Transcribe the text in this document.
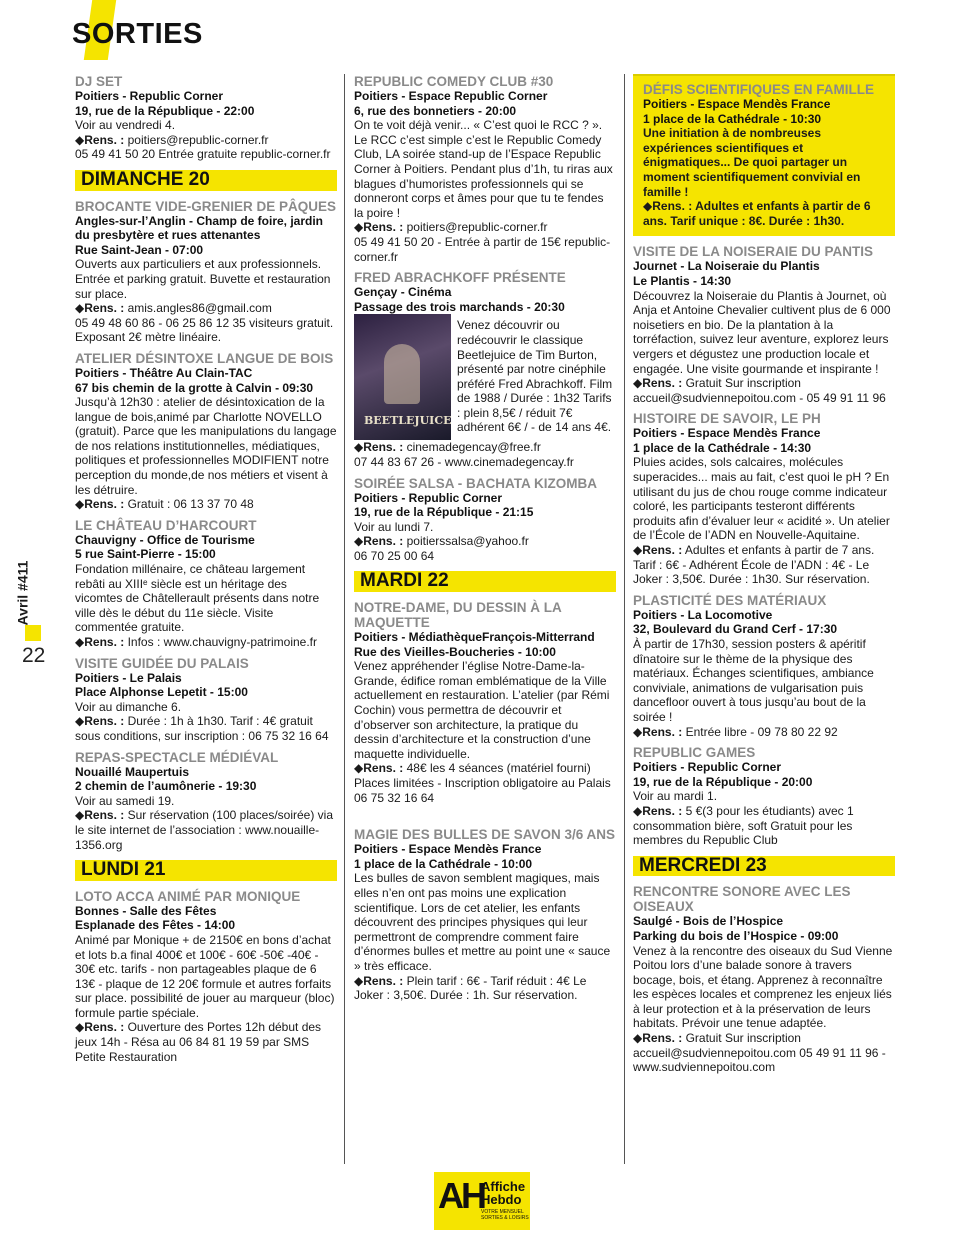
SORTIES
Avril #411
22
DJ SET

Poitiers - Republic Corner

19, rue de la République - 22:00

Voir au vendredi 4.

◆Rens. : poitiers@republic-corner.fr

05 49 41 50 20 Entrée gratuite republic-corner.fr

DIMANCHE 20
BROCANTE VIDE-GRENIER DE PÂQUES

Angles-sur-l’Anglin - Champ de foire, jardin du presbytère et rues attenantes

Rue Saint-Jean - 07:00

Ouverts aux particuliers et aux professionnels. Entrée et parking gratuit. Buvette et restauration sur place.

◆Rens. : amis.angles86@gmail.com

05 49 48 60 86 - 06 25 86 12 35 visiteurs gratuit. Exposant 2€ mètre linéaire.

ATELIER DÉSINTOXE LANGUE DE BOIS

Poitiers - Théâtre Au Clain-TAC

67 bis chemin de la grotte à Calvin - 09:30

Jusqu’à 12h30 : atelier de désintoxication de la langue de bois,animé par Charlotte NOVELLO (gratuit). Parce que les manipulations du langage de nos relations institutionnelles, médiatiques, politiques et professionnelles MODIFIENT notre perception du monde,de nos métiers et visent à les détruire.

◆Rens. : Gratuit : 06 13 37 70 48

LE CHÂTEAU D’HARCOURT

Chauvigny - Office de Tourisme

5 rue Saint-Pierre - 15:00

Fondation millénaire, ce château largement rebâti au XIIIᵉ siècle est un héritage des vicomtes de Châtellerault présents dans notre ville dès le début du 11e siècle. Visite commentée gratuite.

◆Rens. : Infos : www.chauvigny-patrimoine.fr

VISITE GUIDÉE DU PALAIS

Poitiers - Le Palais

Place Alphonse Lepetit - 15:00

Voir au dimanche 6.

◆Rens. : Durée : 1h à 1h30. Tarif : 4€ gratuit sous conditions, sur inscription : 06 75 32 16 64

REPAS-SPECTACLE MÉDIÉVAL

Nouaillé Maupertuis

2 chemin de l’aumônerie - 19:30

Voir au samedi 19.

◆Rens. : Sur réservation (100 places/soirée) via le site internet de l’association : www.nouaille-1356.org

LUNDI 21
LOTO ACCA ANIMÉ PAR MONIQUE

Bonnes - Salle des Fêtes

Esplanade des Fêtes - 14:00

Animé par Monique + de 2150€ en bons d’achat et lots b.a final 400€ et 100€ - 60€ -50€ -40€ - 30€ etc. tarifs - non partageables plaque de 6 13€ - plaque de 12 20€ formule et autres forfaits sur place. possibilité de jouer au marqueur (bloc) formule partie spéciale.

◆Rens. : Ouverture des Portes 12h début des jeux 14h - Résa au 06 84 81 19 59 par SMS Petite Restauration

REPUBLIC COMEDY CLUB #30

Poitiers - Espace Republic Corner

6, rue des bonnetiers - 20:00

On te voit déjà venir... « C’est quoi le RCC ? ». Le RCC c’est simple c’est le Republic Comedy Club, LA soirée stand-up de l’Espace Republic Corner à Poitiers. Pendant plus d’1h, tu riras aux blagues d’humoristes professionnels qui se donneront corps et âmes pour que tu te fendes la poire !

◆Rens. : poitiers@republic-corner.fr

05 49 41 50 20 - Entrée à partir de 15€ republic-corner.fr

FRED ABRACHKOFF PRÉSENTE

Gençay - Cinéma

Passage des trois marchands - 20:30

BEETLEJUICE

Venez découvrir ou redécouvrir le classique Beetlejuice de Tim Burton, présenté par notre cinéphile préféré Fred Abrachkoff. Film de 1988 / Durée : 1h32 Tarifs : plein 8,5€ / réduit 7€ adhérent 6€ / - de 14 ans 4€.

◆Rens. : cinemadegencay@free.fr

07 44 83 67 26 - www.cinemadegencay.fr

SOIRÉE SALSA - BACHATA KIZOMBA

Poitiers - Republic Corner

19, rue de la République - 21:15

Voir au lundi 7.

◆Rens. : poitierssalsa@yahoo.fr

06 70 25 00 64

MARDI 22
NOTRE-DAME, DU DESSIN À LA MAQUETTE

Poitiers - MédiathèqueFrançois-Mitterrand

Rue des Vieilles-Boucheries - 10:00

Venez appréhender l’église Notre-Dame-la-Grande, édifice roman emblématique de la Ville actuellement en restauration. L’atelier (par Rémi Cochin) vous permettra de découvrir et d’observer son architecture, la pratique du dessin d’architecture et la construction d’une maquette individuelle.

◆Rens. : 48€ les 4 séances (matériel fourni) Places limitées - Inscription obligatoire au Palais 06 75 32 16 64

MAGIE DES BULLES DE SAVON 3/6 ANS

Poitiers - Espace Mendès France

1 place de la Cathédrale - 10:00

Les bulles de savon semblent magiques, mais elles n’en ont pas moins une explication scientifique. Lors de cet atelier, les enfants découvrent des principes physiques qui leur permettront de comprendre comment faire d’énormes bulles et mettre au point une « sauce » très efficace.

◆Rens. : Plein tarif : 6€ - Tarif réduit : 4€ Le Joker : 3,50€. Durée : 1h. Sur réservation.

DÉFIS SCIENTIFIQUES EN FAMILLE

Poitiers - Espace Mendès France

1 place de la Cathédrale - 10:30

Une initiation à de nombreuses expériences scientifiques et énigmatiques... De quoi partager un moment scientifiquement convivial en famille !

◆Rens. : Adultes et enfants à partir de 6 ans. Tarif unique : 8€. Durée : 1h30.

VISITE DE LA NOISERAIE DU PANTIS

Journet - La Noiseraie du Plantis

Le Plantis - 14:30

Découvrez la Noiseraie du Plantis à Journet, où Anja et Antoine Chevalier cultivent plus de 6 000 noisetiers en bio. De la plantation à la torréfaction, suivez leur aventure, explorez leurs vergers et dégustez une production locale et engagée. Une visite gourmande et inspirante !

◆Rens. : Gratuit Sur inscription accueil@sudviennepoitou.com - 05 49 91 11 96

HISTOIRE DE SAVOIR, LE PH

Poitiers - Espace Mendès France

1 place de la Cathédrale - 14:30

Pluies acides, sols calcaires, molécules superacides... mais au fait, c’est quoi le pH ? En utilisant du jus de chou rouge comme indicateur coloré, les participants testeront différents produits afin d’évaluer leur « acidité ». Un atelier de l’École de l’ADN en Nouvelle-Aquitaine.

◆Rens. : Adultes et enfants à partir de 7 ans. Tarif : 6€ - Adhérent École de l’ADN : 4€ - Le Joker : 3,50€. Durée : 1h30. Sur réservation.

PLASTICITÉ DES MATÉRIAUX

Poitiers - La Locomotive

32, Boulevard du Grand Cerf - 17:30

À partir de 17h30, session posters & apéritif dînatoire sur le thème de la physique des matériaux. Échanges scientifiques, ambiance conviviale, animations de vulgarisation puis dancefloor ouvert à tous jusqu’au bout de la soirée !

◆Rens. : Entrée libre - 09 78 80 22 92

REPUBLIC GAMES

Poitiers - Republic Corner

19, rue de la République - 20:00

Voir au mardi 1.

◆Rens. : 5 €(3 pour les étudiants) avec 1 consommation bière, soft Gratuit pour les membres du Republic Club

MERCREDI 23
RENCONTRE SONORE AVEC LES OISEAUX

Saulgé - Bois de l’Hospice

Parking du bois de l’Hospice - 09:00

Venez à la rencontre des oiseaux du Sud Vienne Poitou lors d’une balade sonore à travers bocage, bois, et étang. Apprenez à reconnaître les espèces locales et comprenez les enjeux liés à leur protection et à la préservation de leurs habitats. Prévoir une tenue adaptée.

◆Rens. : Gratuit Sur inscription accueil@sudviennepoitou.com 05 49 91 11 96 - www.sudviennepoitou.com

AH
Affiche
Hebdo
VOTRE MENSUEL SORTIES & LOISIRS
